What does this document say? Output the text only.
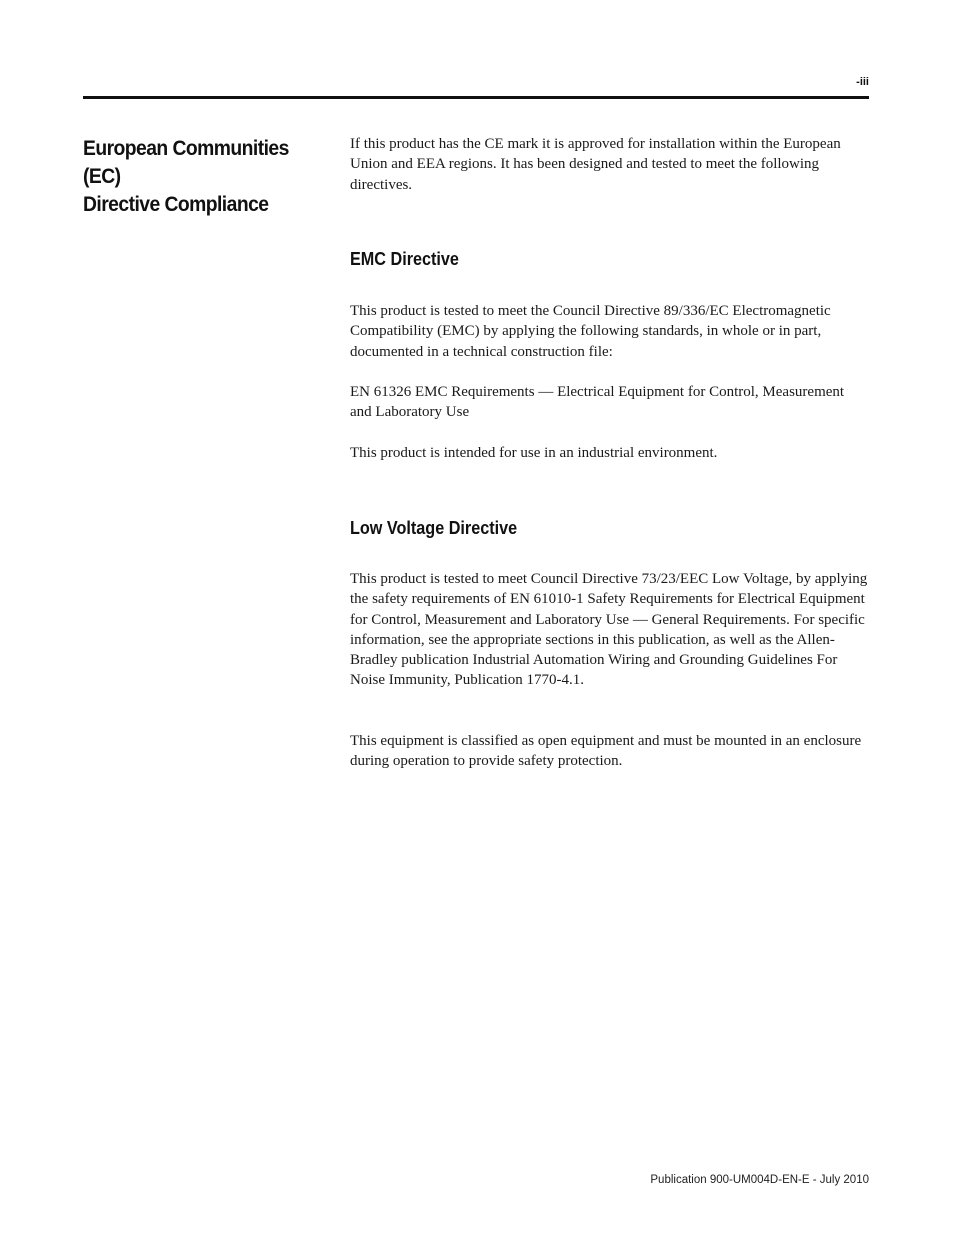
-iii
European Communities (EC)
Directive Compliance

If this product has the CE mark it is approved for installation within the European Union and EEA regions. It has been designed and tested to meet the following directives.

EMC Directive

This product is tested to meet the Council Directive 89/336/EC Electromagnetic Compatibility (EMC) by applying the following standards, in whole or in part, documented in a technical construction file:

EN 61326 EMC Requirements — Electrical Equipment for Control, Measurement and Laboratory Use

This product is intended for use in an industrial environment.

Low Voltage Directive

This product is tested to meet Council Directive 73/23/EEC Low Voltage, by applying the safety requirements of EN 61010-1 Safety Requirements for Electrical Equipment for Control, Measurement and Laboratory Use — General Requirements. For specific information, see the appropriate sections in this publication, as well as the Allen-Bradley publication Industrial Automation Wiring and Grounding Guidelines For Noise Immunity, Publication 1770-4.1.

This equipment is classified as open equipment and must be mounted in an enclosure during operation to provide safety protection.

Publication 900-UM004D-EN-E - July 2010
